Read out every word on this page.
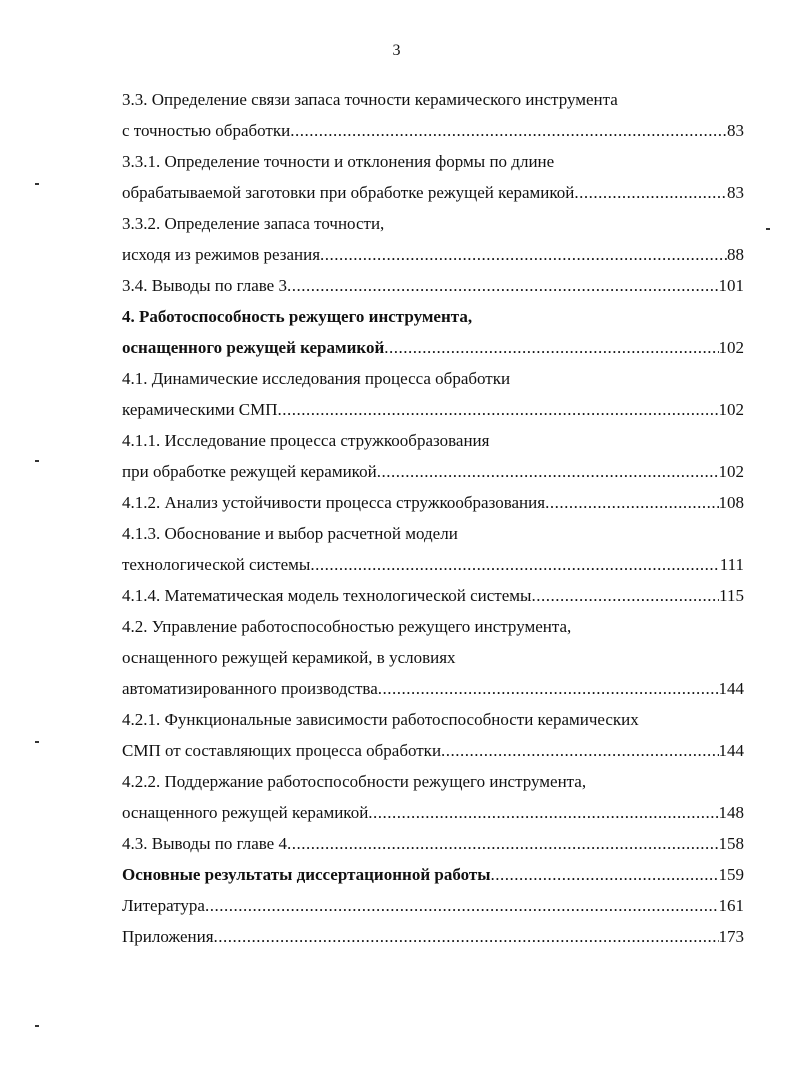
3
3.3. Определение связи запаса точности керамического инструмента
с точностью обработки .....	83
3.3.1. Определение точности и отклонения формы по длине
обрабатываемой заготовки при обработке режущей керамикой .....	83
3.3.2. Определение запаса точности,
исходя из режимов резания .....	88
3.4. Выводы по главе 3 .....	101
4. Работоспособность режущего инструмента,
оснащенного режущей керамикой .....	102
4.1. Динамические исследования процесса обработки
керамическими СМП .....	102
4.1.1. Исследование процесса стружкообразования
при обработке режущей керамикой .....	102
4.1.2. Анализ устойчивости процесса стружкообразования .....	108
4.1.3. Обоснование и выбор расчетной модели
технологической системы .....	111
4.1.4. Математическая модель технологической системы .....	115
4.2. Управление работоспособностью режущего инструмента,
оснащенного режущей керамикой, в условиях
автоматизированного производства .....	144
4.2.1. Функциональные зависимости работоспособности керамических
СМП от составляющих процесса обработки .....	144
4.2.2. Поддержание работоспособности режущего инструмента,
оснащенного режущей керамикой .....	148
4.3. Выводы по главе 4 .....	158
Основные результаты диссертационной работы .....	159
Литература .....	161
Приложения .....	173
